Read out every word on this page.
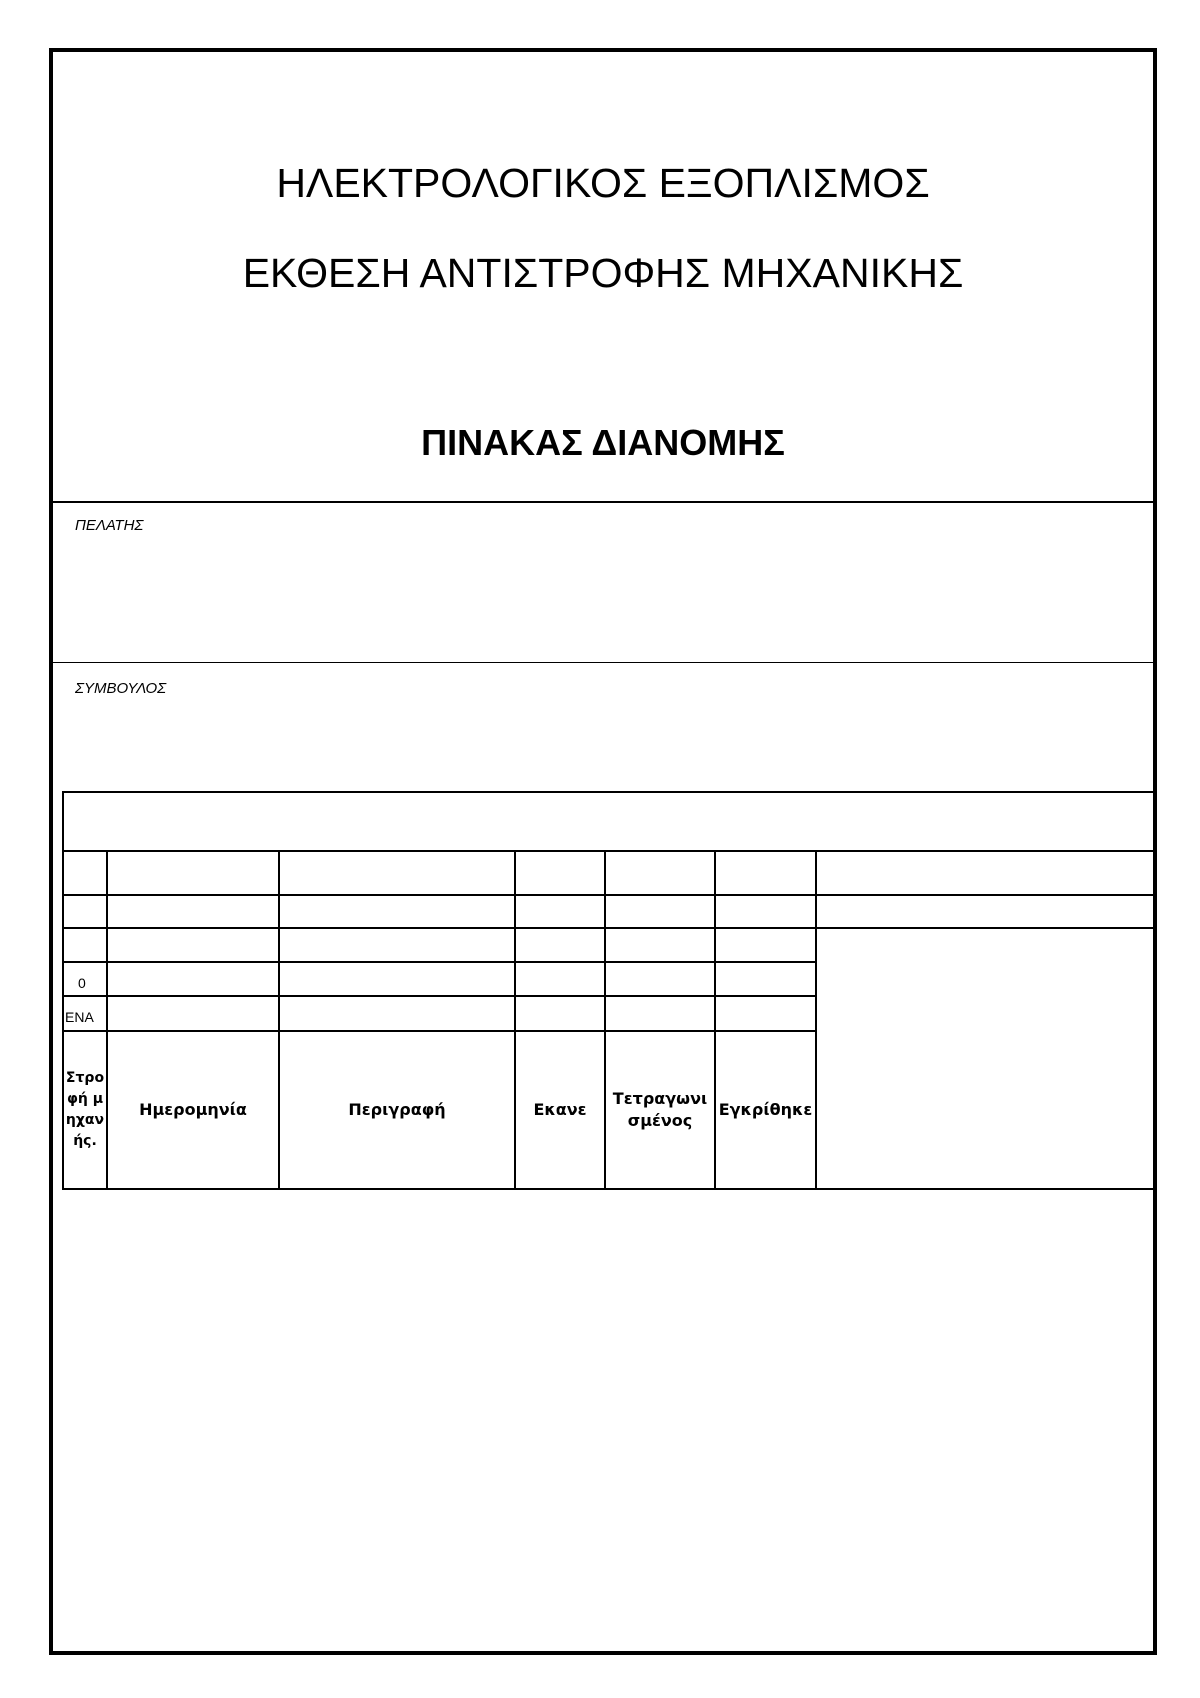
ΗΛΕΚΤΡΟΛΟΓΙΚΟΣ ΕΞΟΠΛΙΣΜΟΣ
ΕΚΘΕΣΗ ΑΝΤΙΣΤΡΟΦΗΣ ΜΗΧΑΝΙΚΗΣ
ΠΙΝΑΚΑΣ ΔΙΑΝΟΜΗΣ
ΠΕΛΑΤΗΣ
ΣΥΜΒΟΥΛΟΣ
0
ΕΝΑ
Στροφή μηχανής.
Ημερομηνία	Περιγραφή	Εκανε
Τετραγωνισμένος
Εγκρίθηκε
